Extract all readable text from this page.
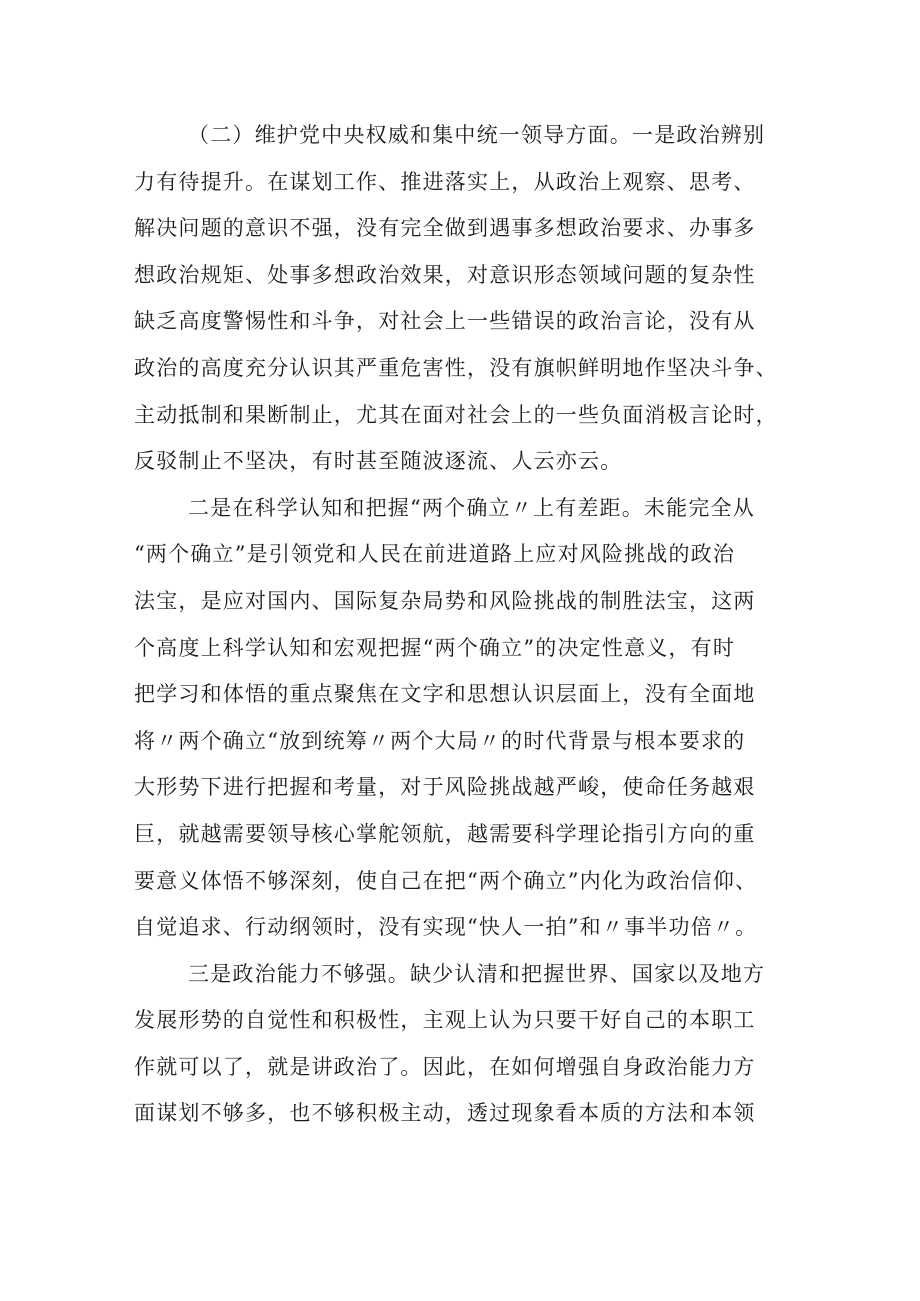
（二）维护党中央权威和集中统一领导方面。一是政治辨别
力有待提升。在谋划工作、推进落实上，从政治上观察、思考、
解决问题的意识不强，没有完全做到遇事多想政治要求、办事多
想政治规矩、处事多想政治效果，对意识形态领域问题的复杂性
缺乏高度警惕性和斗争，对社会上一些错误的政治言论，没有从
政治的高度充分认识其严重危害性，没有旗帜鲜明地作坚决斗争、
主动抵制和果断制止，尤其在面对社会上的一些负面消极言论时，
反驳制止不坚决，有时甚至随波逐流、人云亦云。
二是在科学认知和把握“两个确立〃上有差距。未能完全从
“两个确立”是引领党和人民在前进道路上应对风险挑战的政治
法宝，是应对国内、国际复杂局势和风险挑战的制胜法宝，这两
个高度上科学认知和宏观把握“两个确立”的决定性意义，有时
把学习和体悟的重点聚焦在文字和思想认识层面上，没有全面地
将〃两个确立“放到统筹〃两个大局〃的时代背景与根本要求的
大形势下进行把握和考量，对于风险挑战越严峻，使命任务越艰
巨，就越需要领导核心掌舵领航，越需要科学理论指引方向的重
要意义体悟不够深刻，使自己在把“两个确立”内化为政治信仰、
自觉追求、行动纲领时，没有实现“快人一拍”和〃事半功倍〃。
三是政治能力不够强。缺少认清和把握世界、国家以及地方
发展形势的自觉性和积极性，主观上认为只要干好自己的本职工
作就可以了，就是讲政治了。因此，在如何增强自身政治能力方
面谋划不够多，也不够积极主动，透过现象看本质的方法和本领
